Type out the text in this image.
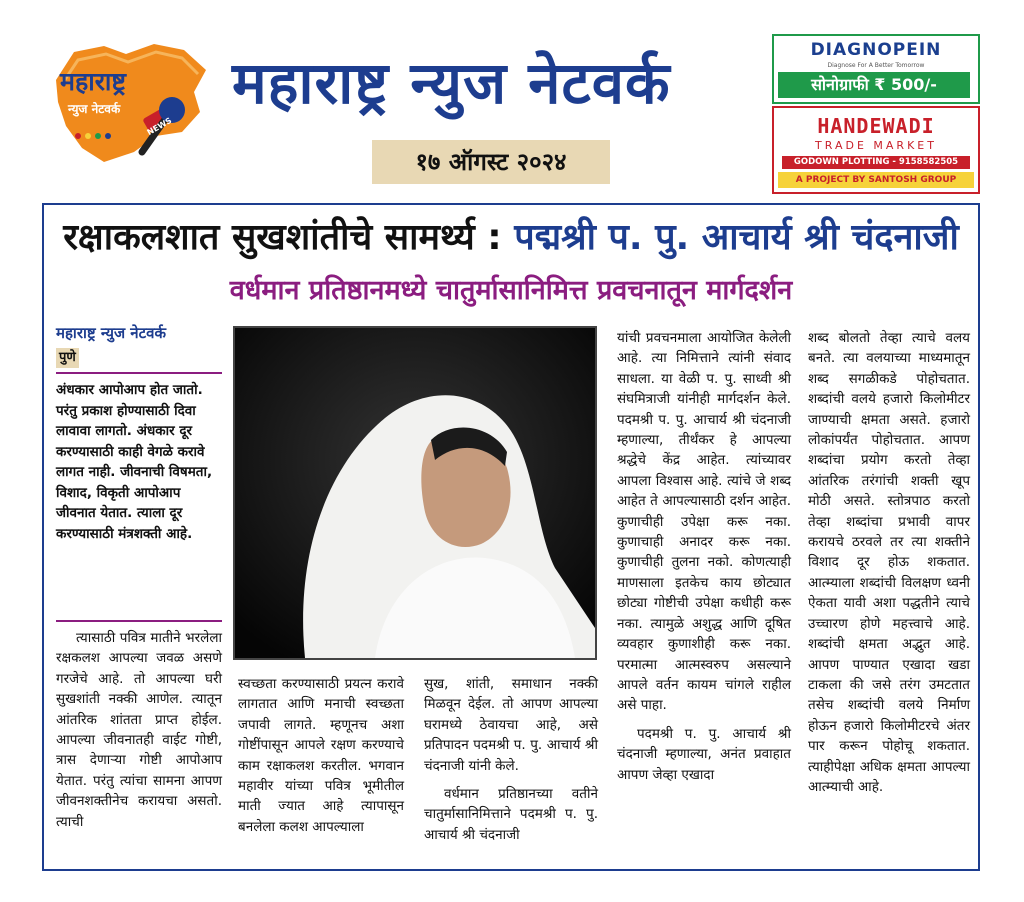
महाराष्ट्र
न्युज नेटवर्क
NEWS
महाराष्ट्र न्युज नेटवर्क
१७ ऑगस्ट २०२४
DIAGNOPEIN
Diagnose For A Better Tomorrow
सोनोग्राफी ₹ 500/-
HANDEWADI
TRADE MARKET
GODOWN PLOTTING - 9158582505
A PROJECT BY SANTOSH GROUP
रक्षाकलशात सुखशांतीचे सामर्थ्य : पद्मश्री प. पु. आचार्य श्री चंदनाजी
वर्धमान प्रतिष्ठानमध्ये चातुर्मासानिमित्त प्रवचनातून मार्गदर्शन
महाराष्ट्र न्युज नेटवर्क
पुणे
अंधकार आपोआप होत जातो. परंतु प्रकाश होण्यासाठी दिवा लावावा लागतो. अंधकार दूर करण्यासाठी काही वेगळे करावे लागत नाही. जीवनाची विषमता, विशाद, विकृती आपोआप जीवनात येतात. त्याला दूर करण्यासाठी मंत्रशक्ती आहे.
त्यासाठी पवित्र मातीने भरलेला रक्षकलश आपल्या जवळ असणे गरजेचे आहे. तो आपल्या घरी सुखशांती नक्की आणेल. त्यातून आंतरिक शांतता प्राप्त होईल. आपल्या जीवनातही वाईट गोष्टी, त्रास देणाऱ्या गोष्टी आपोआप येतात. परंतु त्यांचा सामना आपण जीवनशक्तीनेच करायचा असतो. त्याची
स्वच्छता करण्यासाठी प्रयत्न करावे लागतात आणि मनाची स्वच्छता जपावी लागते. म्हणूनच अशा गोष्टींपासून आपले रक्षण करण्याचे काम रक्षाकलश करतील. भगवान महावीर यांच्या पवित्र भूमीतील माती ज्यात आहे त्यापासून बनलेला कलश आपल्याला

सुख, शांती, समाधान नक्की मिळवून देईल. तो आपण आपल्या घरामध्ये ठेवायचा आहे, असे प्रतिपादन पदमश्री प. पु. आचार्य श्री चंदनाजी यांनी केले.

वर्धमान प्रतिष्ठानच्या वतीने चातुर्मासानिमित्ताने पदमश्री प. पु. आचार्य श्री चंदनाजी

यांची प्रवचनमाला आयोजित केलेली आहे. त्या निमित्ताने त्यांनी संवाद साधला. या वेळी प. पु. साध्वी श्री संघमित्राजी यांनीही मार्गदर्शन केले. पदमश्री प. पु. आचार्य श्री चंदनाजी म्हणाल्या, तीर्थंकर हे आपल्या श्रद्धेचे केंद्र आहेत. त्यांच्यावर आपला विश्वास आहे. त्यांचे जे शब्द आहेत ते आपल्यासाठी दर्शन आहेत. कुणाचीही उपेक्षा करू नका. कुणाचाही अनादर करू नका. कुणाचीही तुलना नको. कोणत्याही माणसाला इतकेच काय छोट्यात छोट्या गोष्टीची उपेक्षा कधीही करू नका. त्यामुळे अशुद्ध आणि दूषित व्यवहार कुणाशीही करू नका. परमात्मा आत्मस्वरुप असल्याने आपले वर्तन कायम चांगले राहील असे पाहा.

पदमश्री प. पु. आचार्य श्री चंदनाजी म्हणाल्या, अनंत प्रवाहात आपण जेव्हा एखादा

शब्द बोलतो तेव्हा त्याचे वलय बनते. त्या वलयाच्या माध्यमातून शब्द सगळीकडे पोहोचतात. शब्दांची वलये हजारो किलोमीटर जाण्याची क्षमता असते. हजारो लोकांपर्यंत पोहोचतात. आपण शब्दांचा प्रयोग करतो तेव्हा आंतरिक तरंगांची शक्ती खूप मोठी असते. स्तोत्रपाठ करतो तेव्हा शब्दांचा प्रभावी वापर करायचे ठरवले तर त्या शक्तीने विशाद दूर होऊ शकतात. आत्म्याला शब्दांची विलक्षण ध्वनी ऐकता यावी अशा पद्धतीने त्याचे उच्चारण होणे महत्त्वाचे आहे. शब्दांची क्षमता अद्भुत आहे. आपण पाण्यात एखादा खडा टाकला की जसे तरंग उमटतात तसेच शब्दांची वलये निर्माण होऊन हजारो किलोमीटरचे अंतर पार करून पोहोचू शकतात. त्याहीपेक्षा अधिक क्षमता आपल्या आत्म्याची आहे.
